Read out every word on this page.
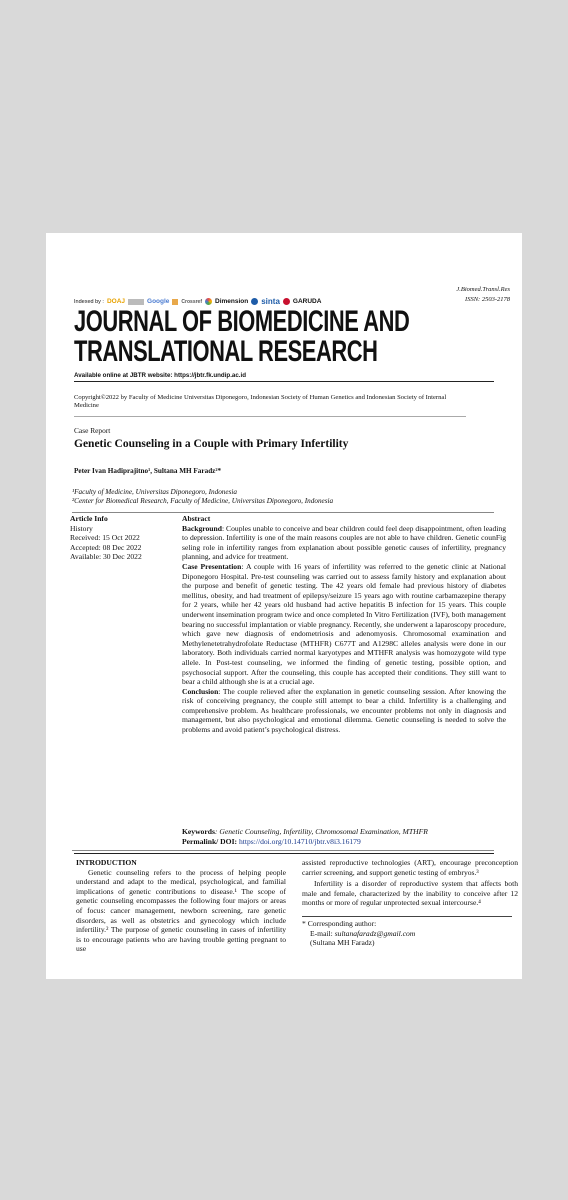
J.Biomed.Transl.Res
ISSN: 2503-2178
Indexed by : DOAJ	Google Crossref Dimension sinta GARUDA
JOURNAL OF BIOMEDICINE AND
TRANSLATIONAL RESEARCH
Available online at JBTR website: https://jbtr.fk.undip.ac.id
Copyright©2022 by Faculty of Medicine Universitas Diponegoro, Indonesian Society of Human Genetics and Indonesian Society of Internal Medicine
Case Report
Genetic Counseling in a Couple with Primary Infertility
Peter Ivan Hadiprajitno¹, Sultana MH Faradz²*
¹Faculty of Medicine, Universitas Diponegoro, Indonesia
²Center for Biomedical Research, Faculty of Medicine, Universitas Diponegoro, Indonesia
Article Info
History
Received: 15 Oct 2022
Accepted: 08 Dec 2022
Available: 30 Dec 2022
Abstract
Background: Couples unable to conceive and bear children could feel deep disappointment, often leading to depression. Infertility is one of the main reasons couples are not able to have children. Genetic counFig seling role in infertility ranges from explanation about possible genetic causes of infertility, pregnancy planning, and advice for treatment.
Case Presentation: A couple with 16 years of infertility was referred to the genetic clinic at National Diponegoro Hospital. Pre-test counseling was carried out to assess family history and explanation about the purpose and benefit of genetic testing. The 42 years old female had previous history of diabetes mellitus, obesity, and had treatment of epilepsy/seizure 15 years ago with routine carbamazepine therapy for 2 years, while her 42 years old husband had active hepatitis B infection for 15 years. This couple underwent insemination program twice and once completed In Vitro Fertilization (IVF), both management bearing no successful implantation or viable pregnancy. Recently, she underwent a laparoscopy procedure, which gave new diagnosis of endometriosis and adenomyosis. Chromosomal examination and Methylenetetrahydrofolate Reductase (MTHFR) C677T and A1298C alleles analysis were done in our laboratory. Both individuals carried normal karyotypes and MTHFR analysis was homozygote wild type allele. In Post-test counseling, we informed the finding of genetic testing, possible option, and psychosocial support. After the counseling, this couple has accepted their conditions. They still want to bear a child although she is at a crucial age.
Conclusion: The couple relieved after the explanation in genetic counseling session. After knowing the risk of conceiving pregnancy, the couple still attempt to bear a child. Infertility is a challenging and comprehensive problem. As healthcare professionals, we encounter problems not only in diagnosis and management, but also psychological and emotional dilemma. Genetic counseling is needed to solve the problems and avoid patient’s psychological distress.
Keywords: Genetic Counseling, Infertility, Chromosomal Examination, MTHFR
Permalink/ DOI: https://doi.org/10.14710/jbtr.v8i3.16179
INTRODUCTION
Genetic counseling refers to the process of helping people understand and adapt to the medical, psychological, and familial implications of genetic contributions to disease.¹ The scope of genetic counseling encompasses the following four majors or areas of focus: cancer management, newborn screening, rare genetic disorders, as well as obstetrics and gynecology which include infertility.² The purpose of genetic counseling in cases of infertility is to encourage patients who are having trouble getting pregnant to use
assisted reproductive technologies (ART), encourage preconception carrier screening, and support genetic testing of embryos.³
Infertility is a disorder of reproductive system that affects both male and female, characterized by the inability to conceive after 12 months or more of regular unprotected sexual intercourse.⁴
* Corresponding author:
E-mail: sultanafaradz@gmail.com
(Sultana MH Faradz)
